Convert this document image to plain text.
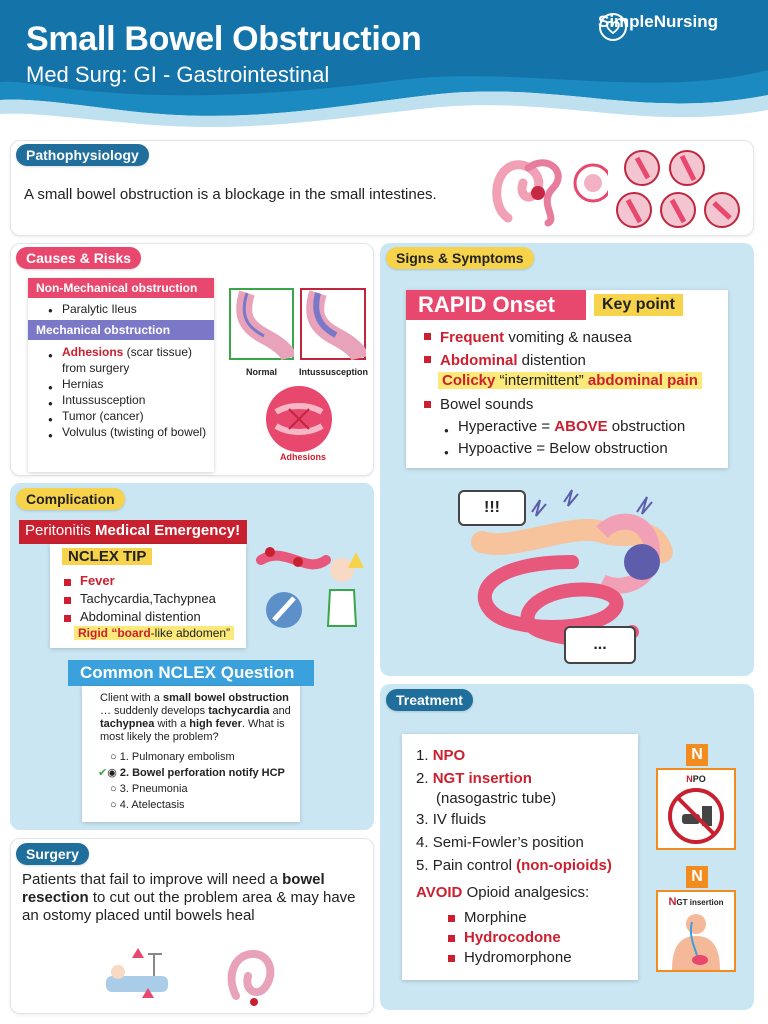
Small Bowel Obstruction
Med Surg: GI - Gastrointestinal
SimpleNursing
Pathophysiology
A small bowel obstruction is a blockage in the small intestines.
Causes & Risks
Non-Mechanical obstruction
● Paralytic Ileus
Mechanical obstruction
● Adhesions (scar tissue) from surgery
● Hernias
● Intussusception
● Tumor (cancer)
● Volvulus (twisting of bowel)
Normal Intussusception
Adhesions
Signs & Symptoms
RAPID Onset	Key point
Frequent vomiting & nausea
Abdominal distention
Colicky “intermittent” abdominal pain
Bowel sounds
● Hyperactive = ABOVE obstruction
● Hypoactive = Below obstruction
!!!
...
Complication
Peritonitis Medical Emergency!
NCLEX TIP
Fever
Tachycardia,Tachypnea
Abdominal distention
Rigid “board-like abdomen”
Common NCLEX Question
Client with a small bowel obstruction … suddenly develops tachycardia and tachypnea with a high fever. What is most likely the problem?
○ 1. Pulmonary embolism
✔◉ 2. Bowel perforation notify HCP
○ 3. Pneumonia
○ 4. Atelectasis
Surgery
Patients that fail to improve will need a bowel resection to cut out the problem area & may have an ostomy placed until bowels heal
Treatment
1. NPO
2. NGT insertion
(nasogastric tube)
3. IV fluids
4. Semi-Fowler’s position
5. Pain control (non-opioids)
AVOID Opioid analgesics:
Morphine
Hydrocodone
Hydromorphone
N
NPO
N
NGT insertion
